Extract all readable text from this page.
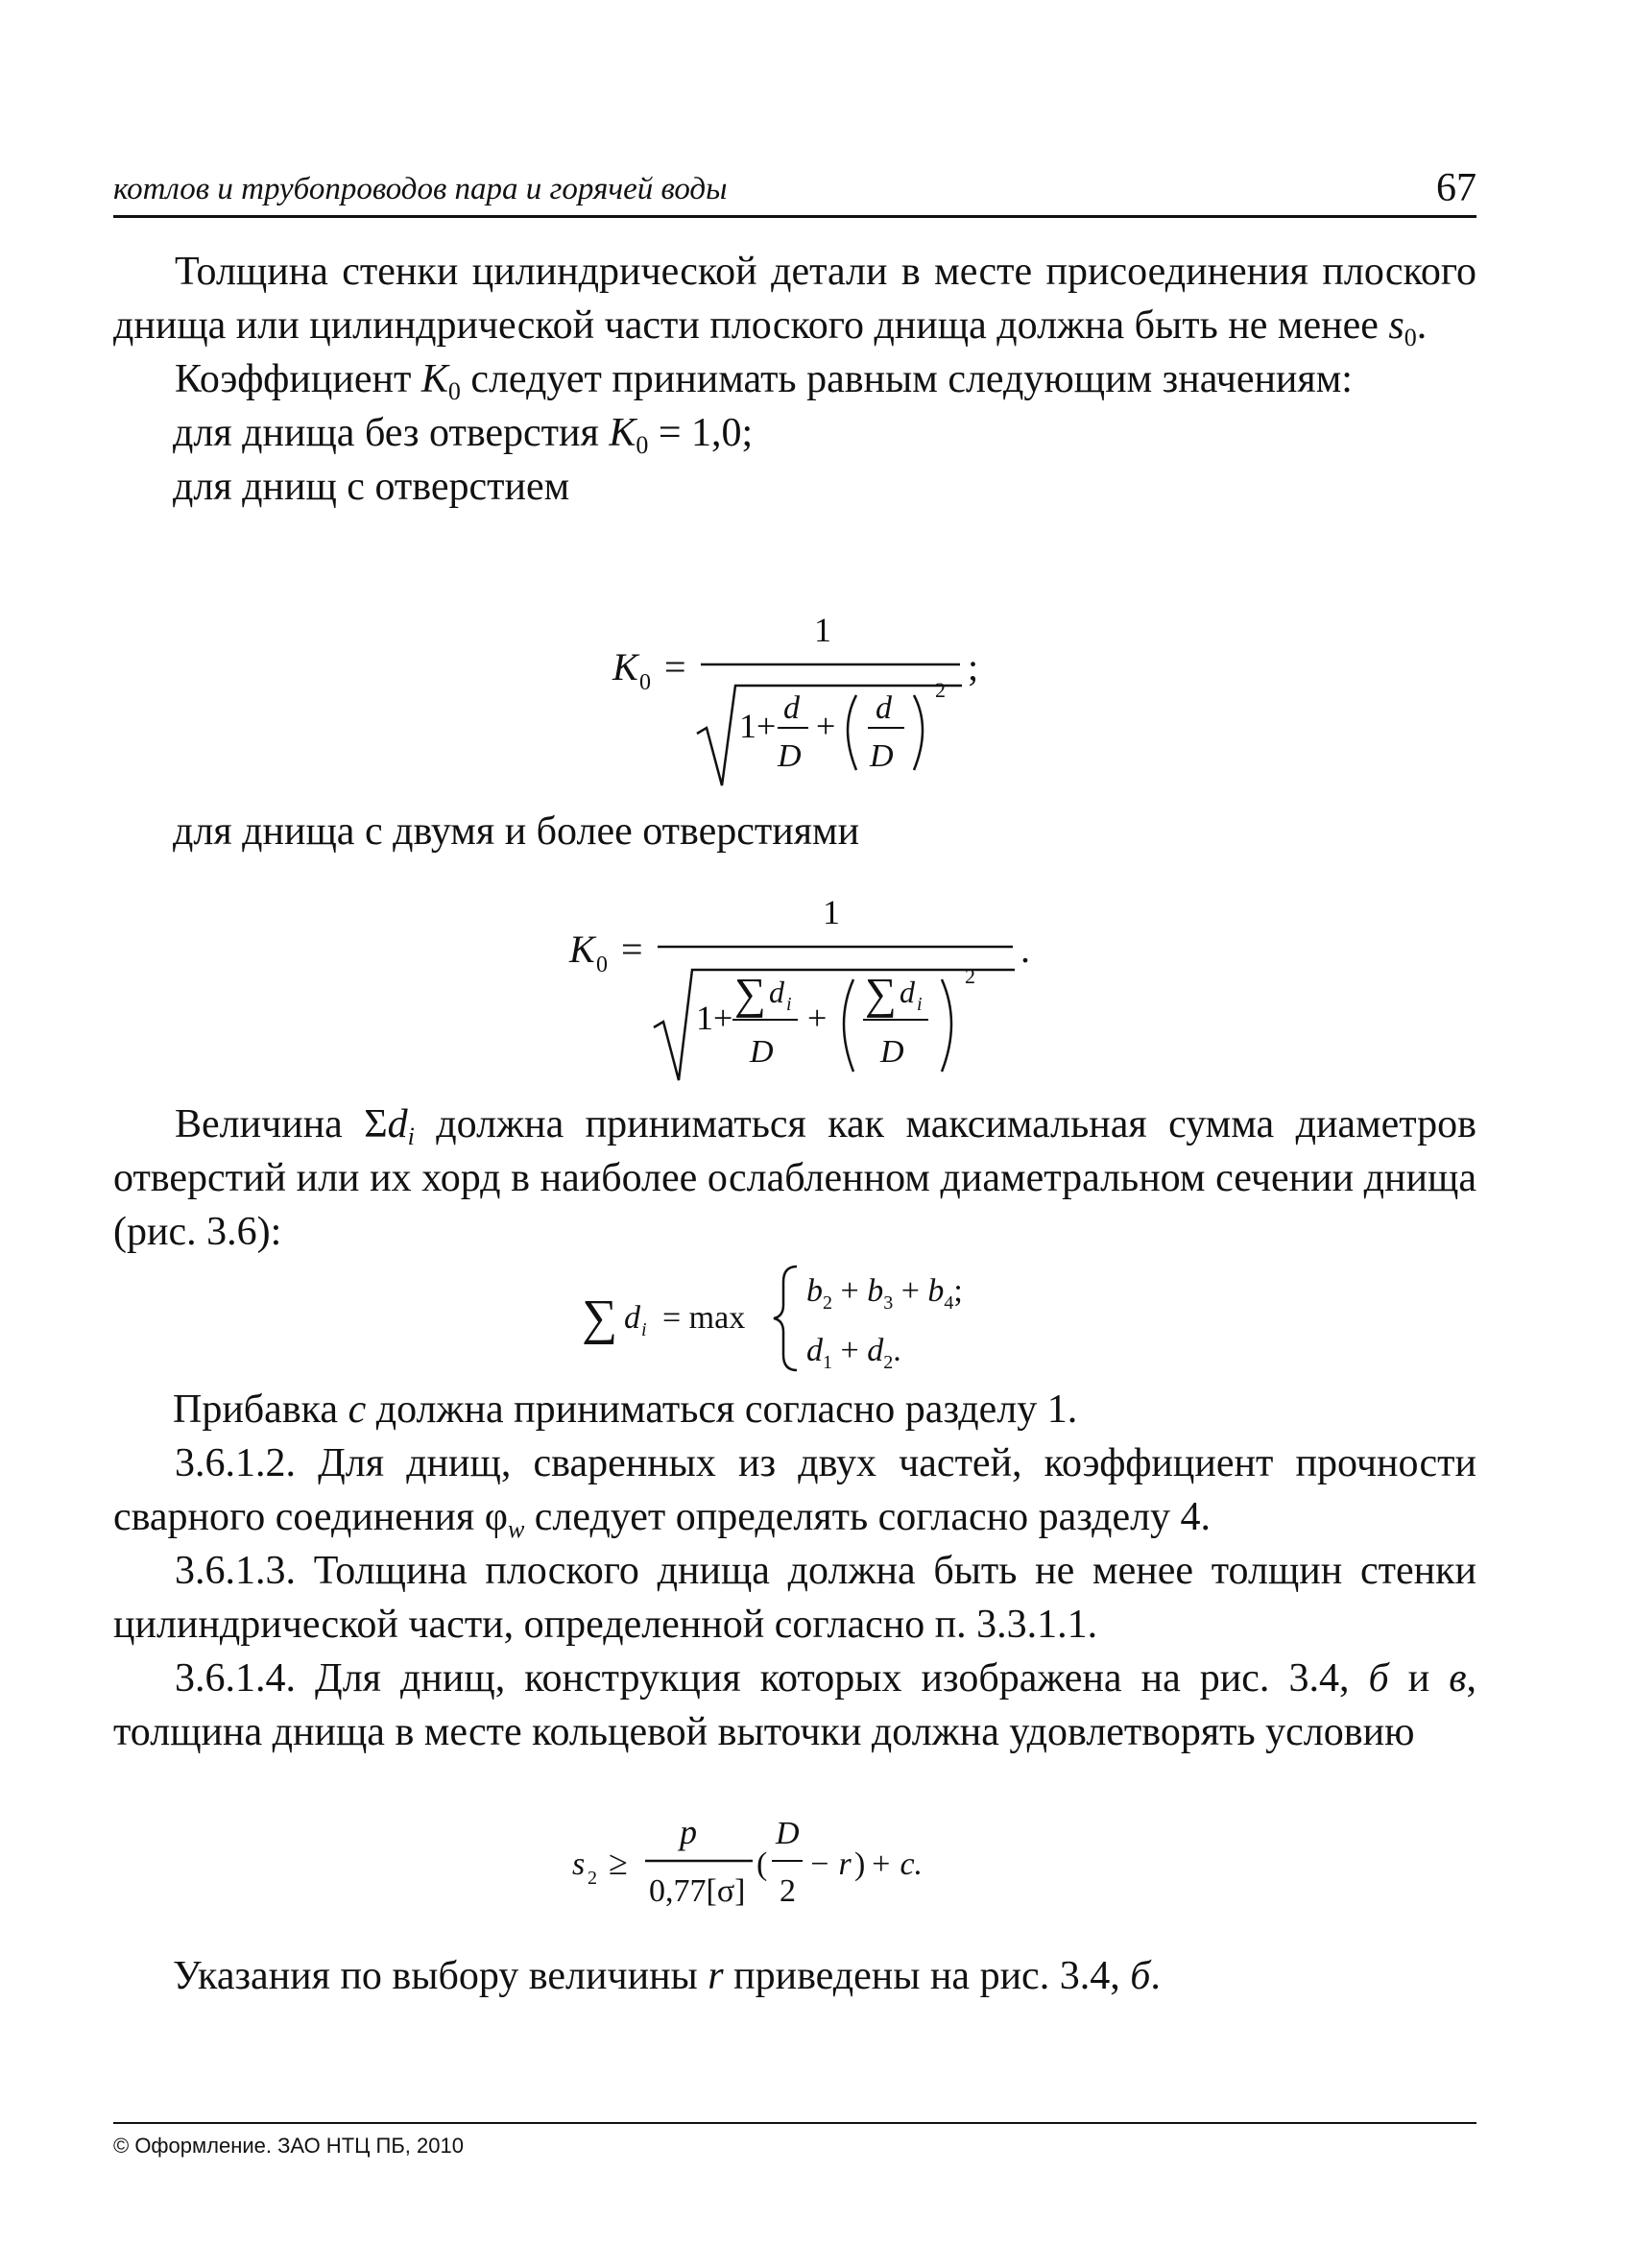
котлов и трубопроводов пара и горячей воды	67

Толщина стенки цилиндрической детали в месте присоединения плоского днища или цилиндрической части плоского днища должна быть не менее $s_0$.

Коэффициент $K_0$ следует принимать равным следующим значениям:

для днища без отверстия $K_0 = 1,0$;

для днищ с отверстием

K 0 =
1
1+ d
D
+ d
D
2
;

для днища с двумя и более отверстиями

K 0 =
1
1+ ∑ d i
D
+ ∑ d i
D
2
.

Величина $\Sigma d_i$ должна приниматься как максимальная сумма диаметров отверстий или их хорд в наиболее ослабленном диаметральном сечении днища (рис. 3.6):

∑ d i = max
$b_2 + b_3 + b_4$;
$d_1 + d_2$.

Прибавка c должна приниматься согласно разделу 1.

3.6.1.2. Для днищ, сваренных из двух частей, коэффициент прочности сварного соединения $\varphi_w$ следует определять согласно разделу 4.

3.6.1.3. Толщина плоского днища должна быть не менее толщин стенки цилиндрической части, определенной согласно п. 3.3.1.1.

3.6.1.4. Для днищ, конструкция которых изображена на рис. 3.4, б и в, толщина днища в месте кольцевой выточки должна удовлетворять условию

s 2 ≥
p
0,77[σ]
(
D
2
− r ) + c.

Указания по выбору величины r приведены на рис. 3.4, б.

© Оформление. ЗАО НТЦ ПБ, 2010
